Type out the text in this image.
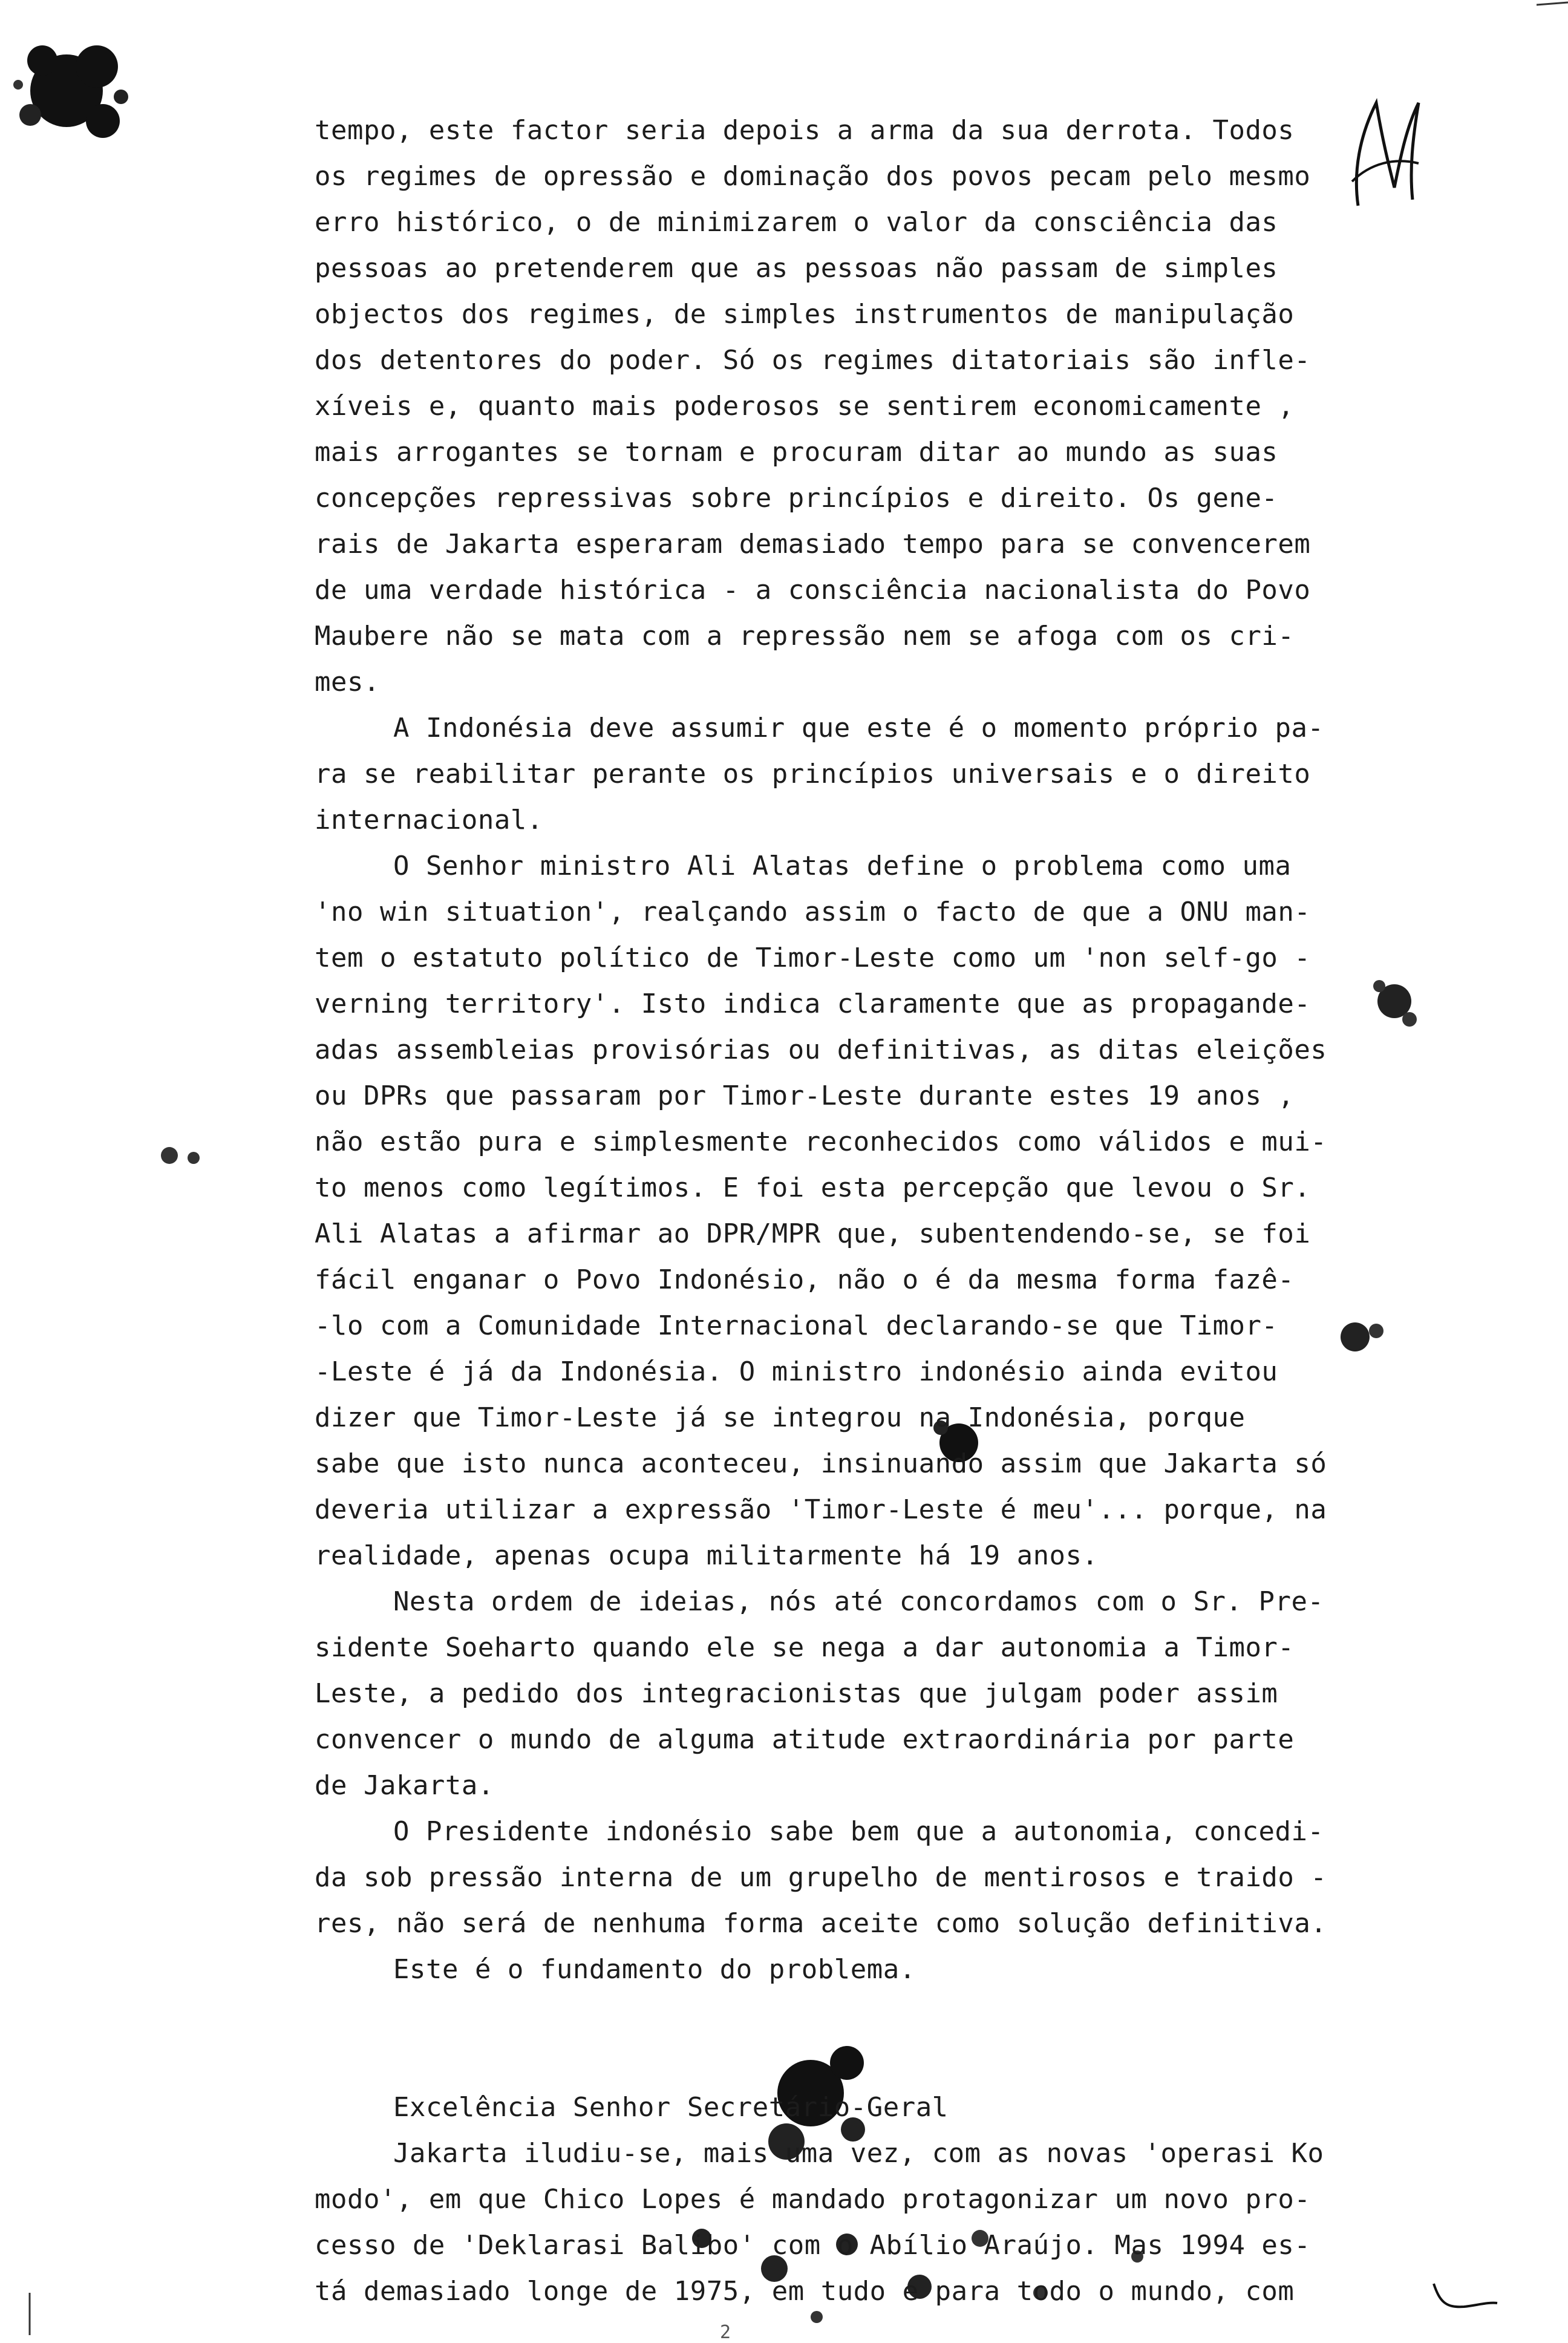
tempo, este factor seria depois a arma da sua derrota. Todos
os regimes de opressão e dominação dos povos pecam pelo mesmo
erro histórico, o de minimizarem o valor da consciência das
pessoas ao pretenderem que as pessoas não passam de simples
objectos dos regimes, de simples instrumentos de manipulação
dos detentores do poder. Só os regimes ditatoriais são infle-
xíveis e, quanto mais poderosos se sentirem economicamente ,
mais arrogantes se tornam e procuram ditar ao mundo as suas
concepções repressivas sobre princípios e direito. Os gene-
rais de Jakarta esperaram demasiado tempo para se convencerem
de uma verdade histórica - a consciência nacionalista do Povo
Maubere não se mata com a repressão nem se afoga com os cri-
mes.
A Indonésia deve assumir que este é o momento próprio pa-
ra se reabilitar perante os princípios universais e o direito
internacional.
O Senhor ministro Ali Alatas define o problema como uma
'no win situation', realçando assim o facto de que a ONU man-
tem o estatuto político de Timor-Leste como um 'non self-go -
verning territory'. Isto indica claramente que as propagande-
adas assembleias provisórias ou definitivas, as ditas eleições
ou DPRs que passaram por Timor-Leste durante estes 19 anos ,
não estão pura e simplesmente reconhecidos como válidos e mui-
to menos como legítimos. E foi esta percepção que levou o Sr.
Ali Alatas a afirmar ao DPR/MPR que, subentendendo-se, se foi
fácil enganar o Povo Indonésio, não o é da mesma forma fazê-
-lo com a Comunidade Internacional declarando-se que Timor-
-Leste é já da Indonésia. O ministro indonésio ainda evitou
dizer que Timor-Leste já se integrou na Indonésia, porque
sabe que isto nunca aconteceu, insinuando assim que Jakarta só
deveria utilizar a expressão 'Timor-Leste é meu'... porque, na
realidade, apenas ocupa militarmente há 19 anos.
Nesta ordem de ideias, nós até concordamos com o Sr. Pre-
sidente Soeharto quando ele se nega a dar autonomia a Timor-
Leste, a pedido dos integracionistas que julgam poder assim
convencer o mundo de alguma atitude extraordinária por parte
de Jakarta.
O Presidente indonésio sabe bem que a autonomia, concedi-
da sob pressão interna de um grupelho de mentirosos e traido -
res, não será de nenhuma forma aceite como solução definitiva.
Este é o fundamento do problema.
Excelência Senhor Secretário-Geral
Jakarta iludiu-se, mais uma vez, com as novas 'operasi Ko
modo', em que Chico Lopes é mandado protagonizar um novo pro-
cesso de 'Deklarasi Balibo' com o Abílio Araújo. Mas 1994 es-
tá demasiado longe de 1975, em tudo e para todo o mundo, com
2
